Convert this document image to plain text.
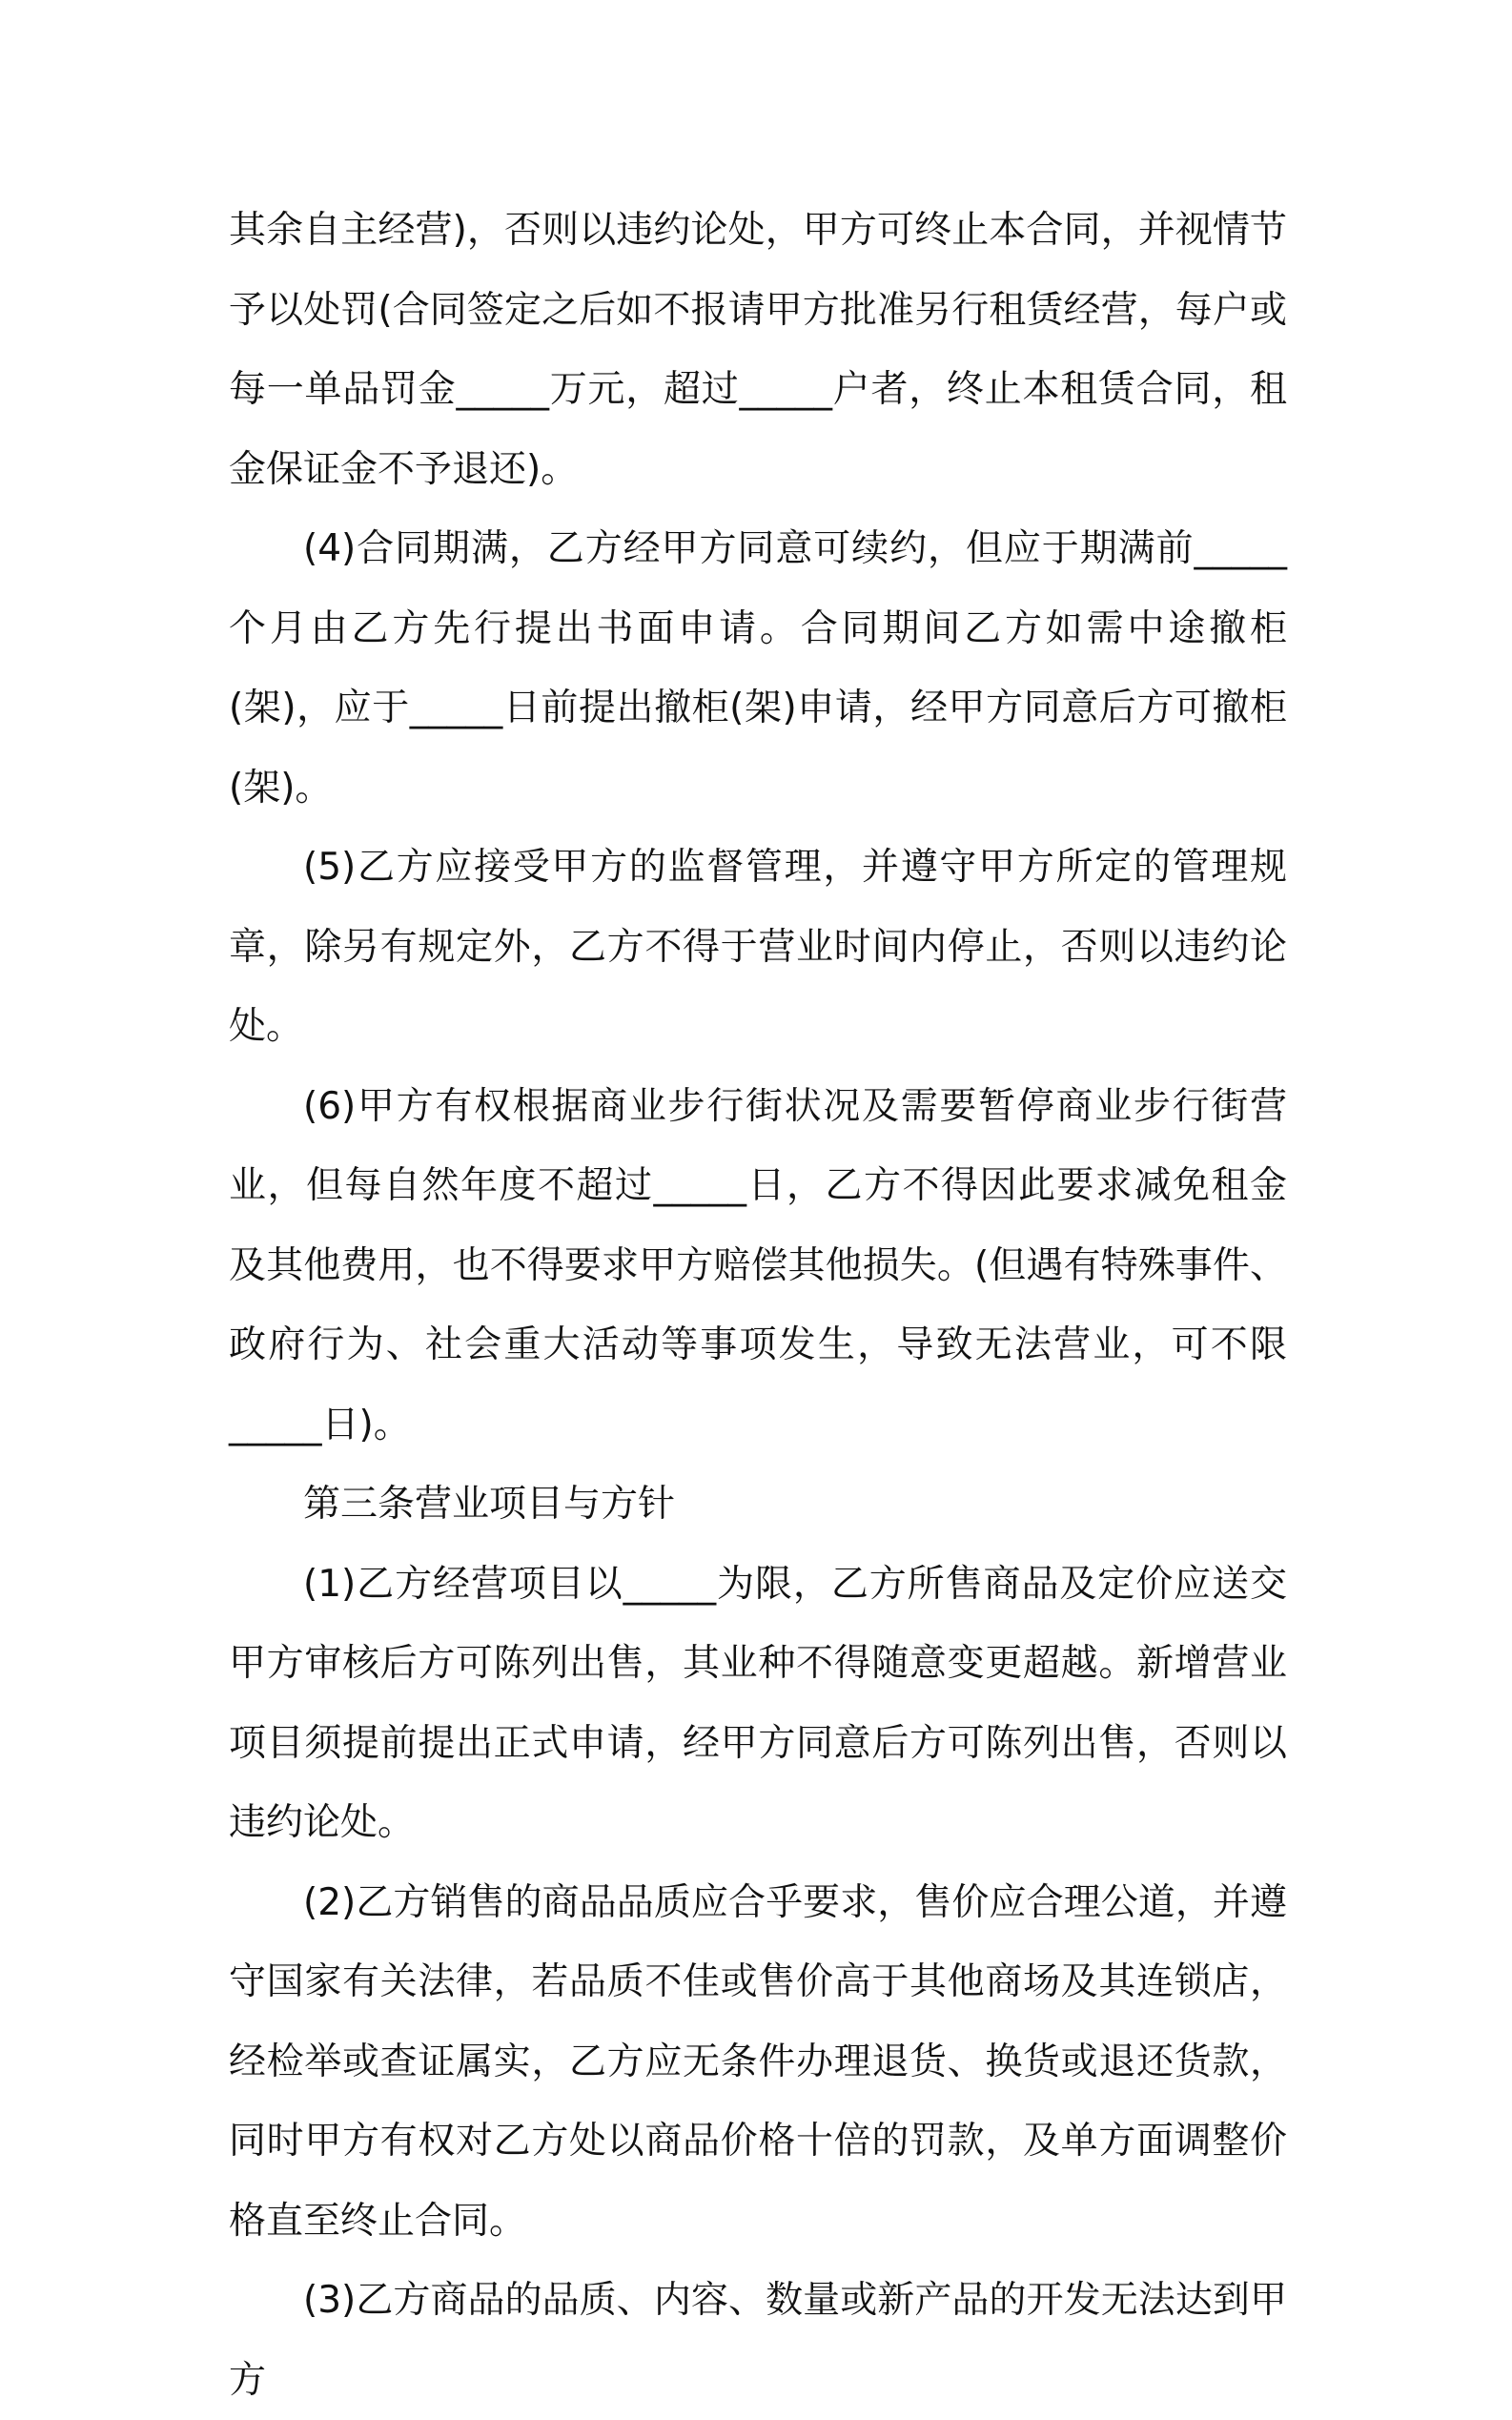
其余自主经营)，否则以违约论处，甲方可终止本合同，并视情节予以处罚(合同签定之后如不报请甲方批准另行租赁经营，每户或每一单品罚金_____万元，超过_____户者，终止本租赁合同，租金保证金不予退还)。

(4)合同期满，乙方经甲方同意可续约，但应于期满前_____个月由乙方先行提出书面申请。合同期间乙方如需中途撤柜(架)，应于_____日前提出撤柜(架)申请，经甲方同意后方可撤柜(架)。

(5)乙方应接受甲方的监督管理，并遵守甲方所定的管理规章，除另有规定外，乙方不得于营业时间内停止，否则以违约论处。

(6)甲方有权根据商业步行街状况及需要暂停商业步行街营业，但每自然年度不超过_____日，乙方不得因此要求减免租金及其他费用，也不得要求甲方赔偿其他损失。(但遇有特殊事件、政府行为、社会重大活动等事项发生，导致无法营业，可不限_____日)。

第三条营业项目与方针

(1)乙方经营项目以_____为限，乙方所售商品及定价应送交甲方审核后方可陈列出售，其业种不得随意变更超越。新增营业项目须提前提出正式申请，经甲方同意后方可陈列出售，否则以违约论处。

(2)乙方销售的商品品质应合乎要求，售价应合理公道，并遵守国家有关法律，若品质不佳或售价高于其他商场及其连锁店，经检举或查证属实，乙方应无条件办理退货、换货或退还货款，同时甲方有权对乙方处以商品价格十倍的罚款，及单方面调整价格直至终止合同。

(3)乙方商品的品质、内容、数量或新产品的开发无法达到甲方
